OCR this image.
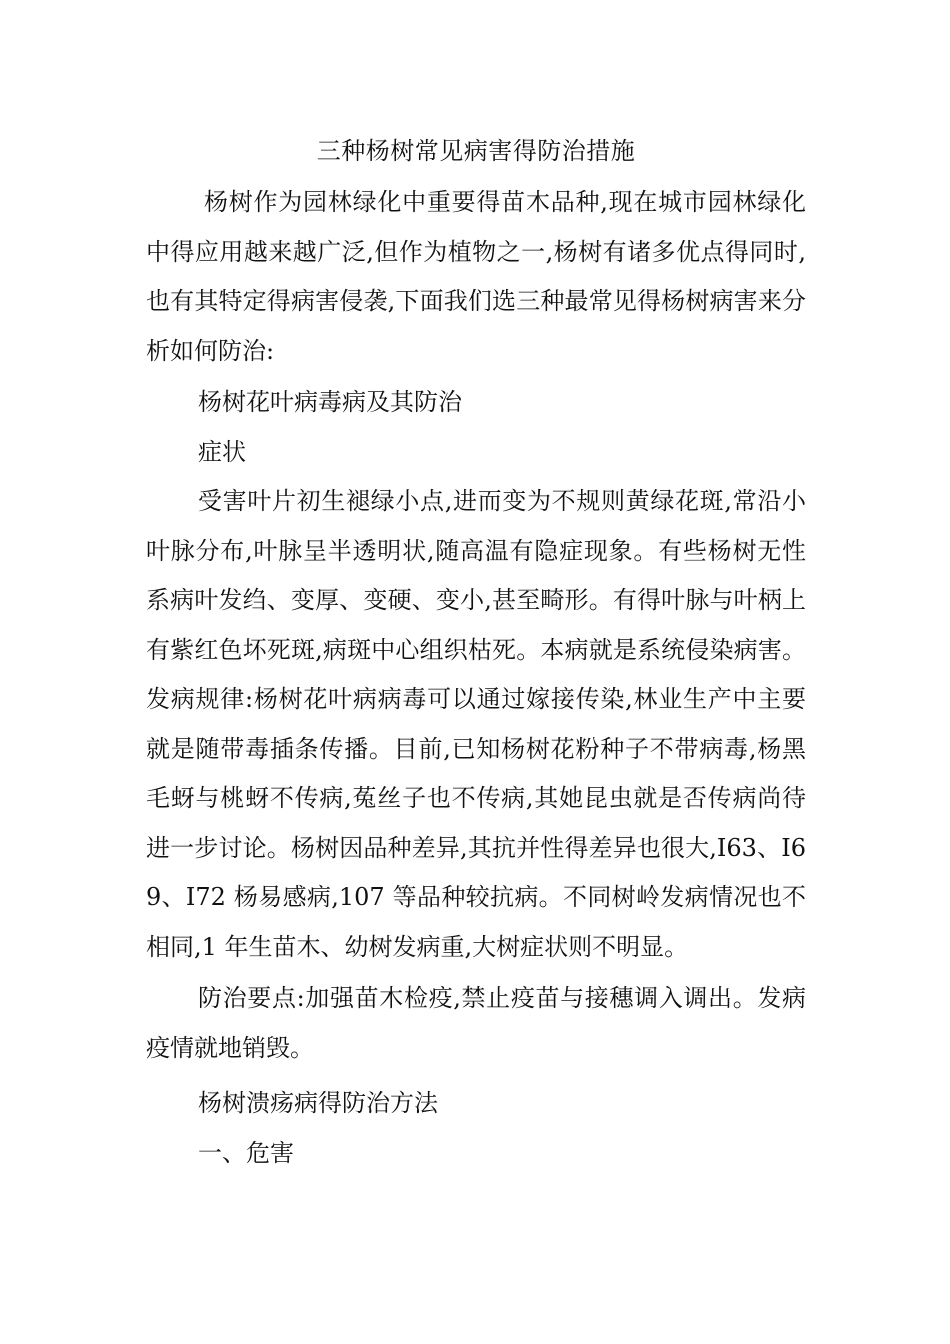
三种杨树常见病害得防治措施

杨树作为园林绿化中重要得苗木品种,现在城市园林绿化中得应用越来越广泛,但作为植物之一,杨树有诸多优点得同时,也有其特定得病害侵袭,下面我们选三种最常见得杨树病害来分析如何防治:

杨树花叶病毒病及其防治
症状

受害叶片初生褪绿小点,进而变为不规则黄绿花斑,常沿小叶脉分布,叶脉呈半透明状,随高温有隐症现象。有些杨树无性系病叶发绉、变厚、变硬、变小,甚至畸形。有得叶脉与叶柄上有紫红色坏死斑,病斑中心组织枯死。本病就是系统侵染病害。发病规律:杨树花叶病病毒可以通过嫁接传染,林业生产中主要就是随带毒插条传播。目前,已知杨树花粉种子不带病毒,杨黑毛蚜与桃蚜不传病,菟丝子也不传病,其她昆虫就是否传病尚待进一步讨论。杨树因品种差异,其抗并性得差异也很大,I63、I69、I72 杨易感病,107 等品种较抗病。不同树岭发病情况也不相同,1 年生苗木、幼树发病重,大树症状则不明显。

防治要点:加强苗木检疫,禁止疫苗与接穗调入调出。发病疫情就地销毁。

杨树溃疡病得防治方法
一、危害
